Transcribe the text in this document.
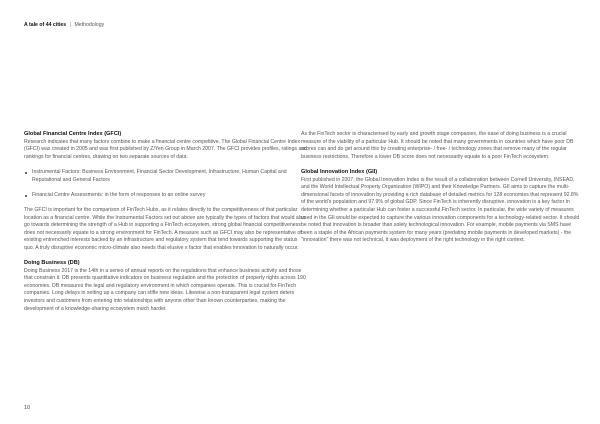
A tale of 44 cities | Methodology
Global Financial Centre Index (GFCI)

Research indicates that many factors combine to make a financial centre competitive. The Global Financial Centre Index (GFCI) was created in 2005 and was first published by Z/Yen Group in March 2007. The GFCI provides profiles, ratings and rankings for financial centres, drawing on two separate sources of data:

Instrumental Factors: Business Environment, Financial Sector Development, Infrastructure, Human Capital and Reputational and General Factors

Financial Centre Assessments: in the form of responses to an online survey

The GFCI is important for the comparison of FinTech Hubs, as it relates directly to the competitiveness of that particular location as a financial centre. While the Instrumental Factors set out above are typically the types of factors that would also go towards determining the strength of a Hub in supporting a FinTech ecosystem, strong global financial competitiveness does not necessarily equate to a strong environment for FinTech. A measure such as GFCI may also be representative of existing entrenched interests backed by an infrastructure and regulatory system that tend towards supporting the status quo. A truly disruptive economic micro-climate also needs that elusive x factor that enables innovation to naturally occur.

Doing Business (DB)

Doing Business 2017 is the 14th in a series of annual reports on the regulations that enhance business activity and those that constrain it. DB presents quantitative indicators on business regulation and the protection of property rights across 190 economies. DB measures the legal and regulatory environment in which companies operate. This is crucial for FinTech companies. Long delays in setting up a company can stifle new ideas. Likewise a non-transparent legal system deters investors and customers from entering into relationships with anyone other than known counterparties, making the development of a knowledge-sharing ecosystem much harder.

As the FinTech sector is characterised by early and growth stage companies, the ease of doing business is a crucial measure of the viability of a particular Hub. It should be noted that many governments in countries which have poor DB scores can and do get around this by creating enterprise- / free- / technology zones that remove many of the regular business restrictions. Therefore a lower DB score does not necessarily equate to a poor FinTech ecosystem.

Global Innovation Index (GII)

First published in 2007, the Global Innovation Index is the result of a collaboration between Cornell University, INSEAD, and the World Intellectual Property Organization (WIPO) and their Knowledge Partners. GII aims to capture the multi-dimensional facets of innovation by providing a rich database of detailed metrics for 128 economies that represent 92.8% of the world's population and 97.9% of global GDP. Since FinTech is inherently disruptive, innovation is a key factor in determining whether a particular Hub can foster a successful FinTech sector. In particular, the wide variety of measures used in the GII would be expected to capture the various innovation components for a technology-related sector. It should be noted that innovation is broader than solely technological innovation. For example, mobile payments via SMS have been a staple of the African payments system for many years (predating mobile payments in developed markets) - the "innovation" there was not technical, it was deployment of the right technology in the right context.

10
